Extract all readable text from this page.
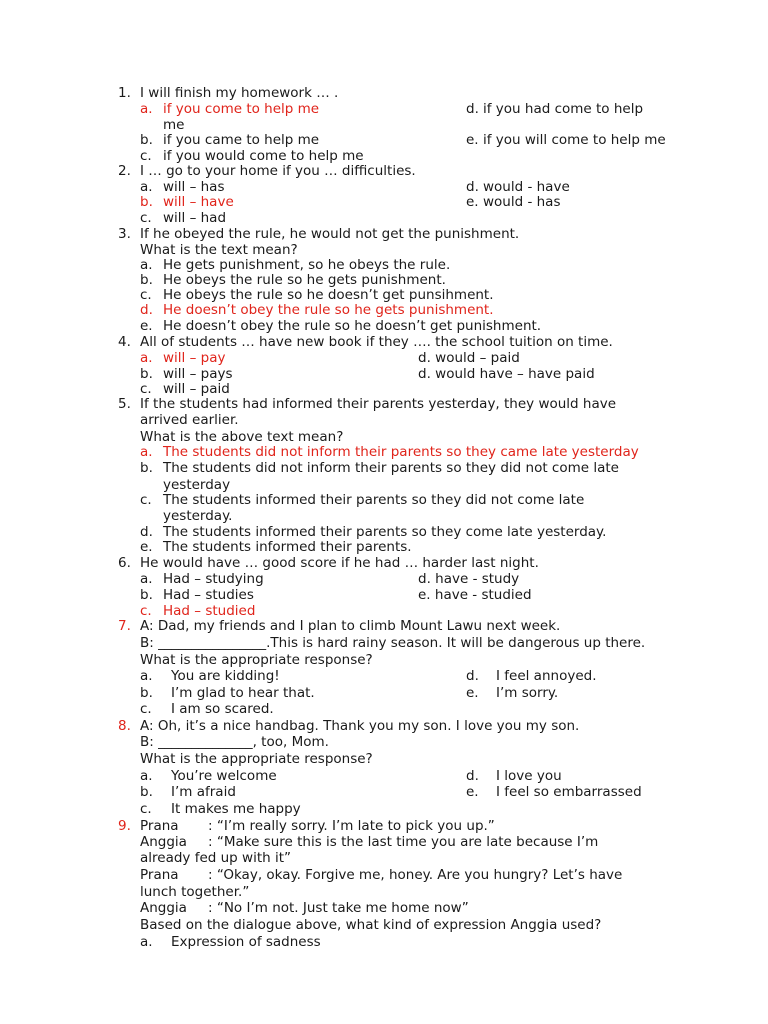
1. I will finish my homework … .
a. if you come to help me	d. if you had come to help
me
b. if you came to help me	e. if you will come to help me
c. if you would come to help me
2. I … go to your home if you … difficulties.
a. will – has	d. would - have
b. will – have	e. would - has
c. will – had
3. If he obeyed the rule, he would not get the punishment.
What is the text mean?
a. He gets punishment, so he obeys the rule.
b. He obeys the rule so he gets punishment.
c. He obeys the rule so he doesn’t get punsihment.
d. He doesn’t obey the rule so he gets punishment.
e. He doesn’t obey the rule so he doesn’t get punishment.
4. All of students … have new book if they …. the school tuition on time.
a. will – pay	d. would – paid
b. will – pays	d. would have – have paid
c. will – paid
5. If the students had informed their parents yesterday, they would have
arrived earlier.
What is the above text mean?
a. The students did not inform their parents so they came late yesterday
b. The students did not inform their parents so they did not come late
yesterday
c. The students informed their parents so they did not come late
yesterday.
d. The students informed their parents so they come late yesterday.
e. The students informed their parents.
6. He would have … good score if he had … harder last night.
a. Had – studying	d. have - study
b. Had – studies	e. have - studied
c. Had – studied
7. A: Dad, my friends and I plan to climb Mount Lawu next week.
B: ________________.This is hard rainy season. It will be dangerous up there.
What is the appropriate response?
a. You are kidding!	d. I feel annoyed.
b. I’m glad to hear that.	e. I’m sorry.
c. I am so scared.
8. A: Oh, it’s a nice handbag. Thank you my son. I love you my son.
B: ______________, too, Mom.
What is the appropriate response?
a. You’re welcome	d. I love you
b. I’m afraid	e. I feel so embarrassed
c. It makes me happy
9. Prana : “I’m really sorry. I’m late to pick you up.”
Anggia : “Make sure this is the last time you are late because I’m
already fed up with it”
Prana : “Okay, okay. Forgive me, honey. Are you hungry? Let’s have
lunch together.”
Anggia : “No I’m not. Just take me home now”
Based on the dialogue above, what kind of expression Anggia used?
a. Expression of sadness
